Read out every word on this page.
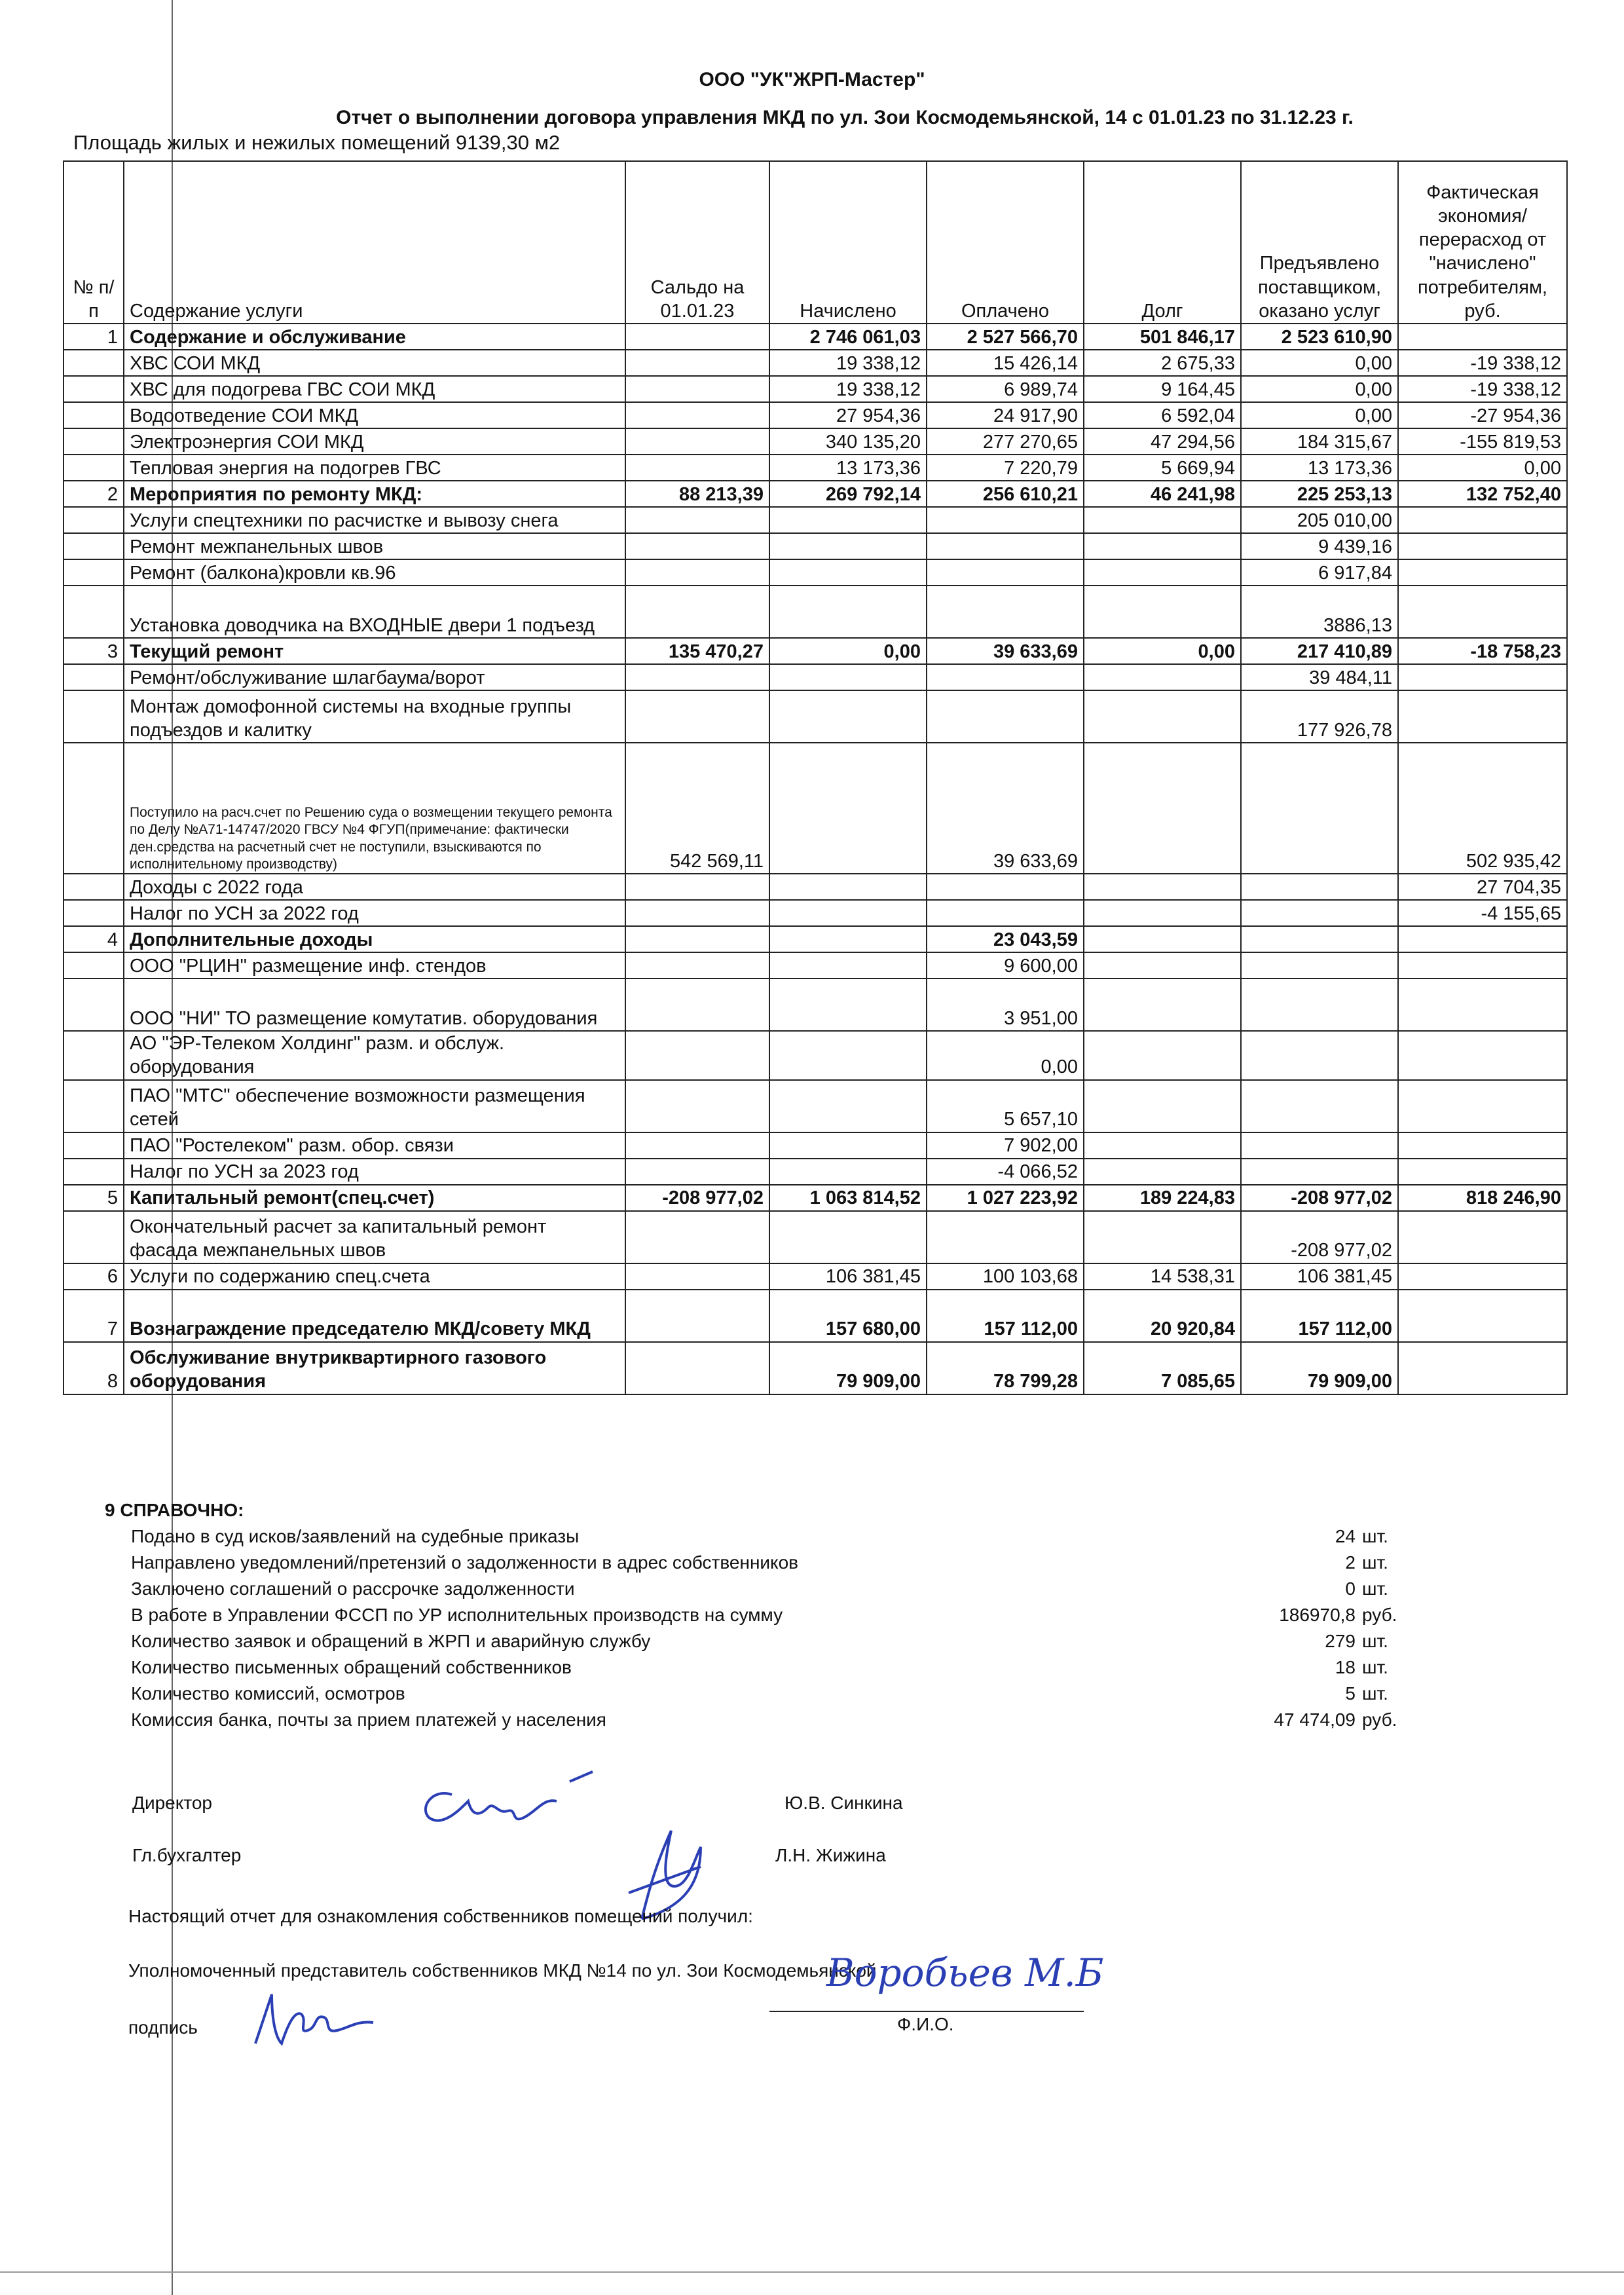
ООО "УК"ЖРП-Мастер"
Отчет о выполнении договора управления МКД по ул. Зои Космодемьянской, 14 с 01.01.23 по 31.12.23 г.
Площадь жилых и нежилых помещений 9139,30 м2
№ п/п	Содержание услуги	Сальдо на 01.01.23	Начислено	Оплачено	Долг	Предъявлено поставщиком, оказано услуг	Фактическая экономия/перерасход от "начислено" потребителям, руб.
1	Содержание и обслуживание		2 746 061,03	2 527 566,70	501 846,17	2 523 610,90	
	ХВС СОИ МКД		19 338,12	15 426,14	2 675,33	0,00	-19 338,12
	ХВС для подогрева ГВС СОИ МКД		19 338,12	6 989,74	9 164,45	0,00	-19 338,12
	Водоотведение СОИ МКД		27 954,36	24 917,90	6 592,04	0,00	-27 954,36
	Электроэнергия СОИ МКД		340 135,20	277 270,65	47 294,56	184 315,67	-155 819,53
	Тепловая энергия на подогрев ГВС		13 173,36	7 220,79	5 669,94	13 173,36	0,00
2	Мероприятия по ремонту МКД:	88 213,39	269 792,14	256 610,21	46 241,98	225 253,13	132 752,40
	Услуги спецтехники по расчистке и вывозу снега					205 010,00	
	Ремонт межпанельных швов					9 439,16	
	Ремонт (балкона)кровли кв.96					6 917,84	
	Установка доводчика на ВХОДНЫЕ двери 1 подъезд					3886,13	
3	Текущий ремонт	135 470,27	0,00	39 633,69	0,00	217 410,89	-18 758,23
	Ремонт/обслуживание шлагбаума/ворот					39 484,11	
	Монтаж домофонной системы на входные группы подъездов и калитку					177 926,78	
	Поступило на расч.счет по Решению суда о возмещении текущего ремонта по Делу №А71-14747/2020 ГВСУ №4 ФГУП(примечание: фактически ден.средства на расчетный счет не поступили, взыскиваются по исполнительному производству)	542 569,11		39 633,69			502 935,42
	Доходы с 2022 года						27 704,35
	Налог по УСН за 2022 год						-4 155,65
4	Дополнительные доходы			23 043,59			
	ООО "РЦИН" размещение инф. стендов			9 600,00			
	ООО "НИ" ТО размещение комутатив. оборудования			3 951,00			
	АО "ЭР-Телеком Холдинг" разм. и обслуж. оборудования			0,00			
	ПАО "МТС" обеспечение возможности размещения сетей			5 657,10			
	ПАО "Ростелеком" разм. обор. связи			7 902,00			
	Налог по УСН за 2023 год			-4 066,52			
5	Капитальный ремонт(спец.счет)	-208 977,02	1 063 814,52	1 027 223,92	189 224,83	-208 977,02	818 246,90
	Окончательный расчет за капитальный ремонт фасада межпанельных швов					-208 977,02	
6	Услуги по содержанию спец.счета		106 381,45	100 103,68	14 538,31	106 381,45	
7	Вознаграждение председателю МКД/совету МКД		157 680,00	157 112,00	20 920,84	157 112,00	
8	Обслуживание внутриквартирного газового оборудования		79 909,00	78 799,28	7 085,65	79 909,00	
9 СПРАВОЧНО:
Подано в суд исков/заявлений на судебные приказы	24 шт.
Направлено уведомлений/претензий о задолженности в адрес собственников	2 шт.
Заключено соглашений о рассрочке задолженности	0 шт.
В работе в Управлении ФССП по УР исполнительных производств на сумму	186970,8 руб.
Количество заявок и обращений в ЖРП и аварийную службу	279 шт.
Количество письменных обращений собственников	18 шт.
Количество комиссий, осмотров	5 шт.
Комиссия банка, почты за прием платежей у населения	47 474,09 руб.
Директор	Ю.В. Синкина
Гл.бухгалтер	Л.Н. Жижина
Настоящий отчет для ознакомления собственников помещений получил:
Уполномоченный представитель собственников МКД №14 по ул. Зои Космодемьянской
подпись
Воробьев М.Б
Ф.И.О.
